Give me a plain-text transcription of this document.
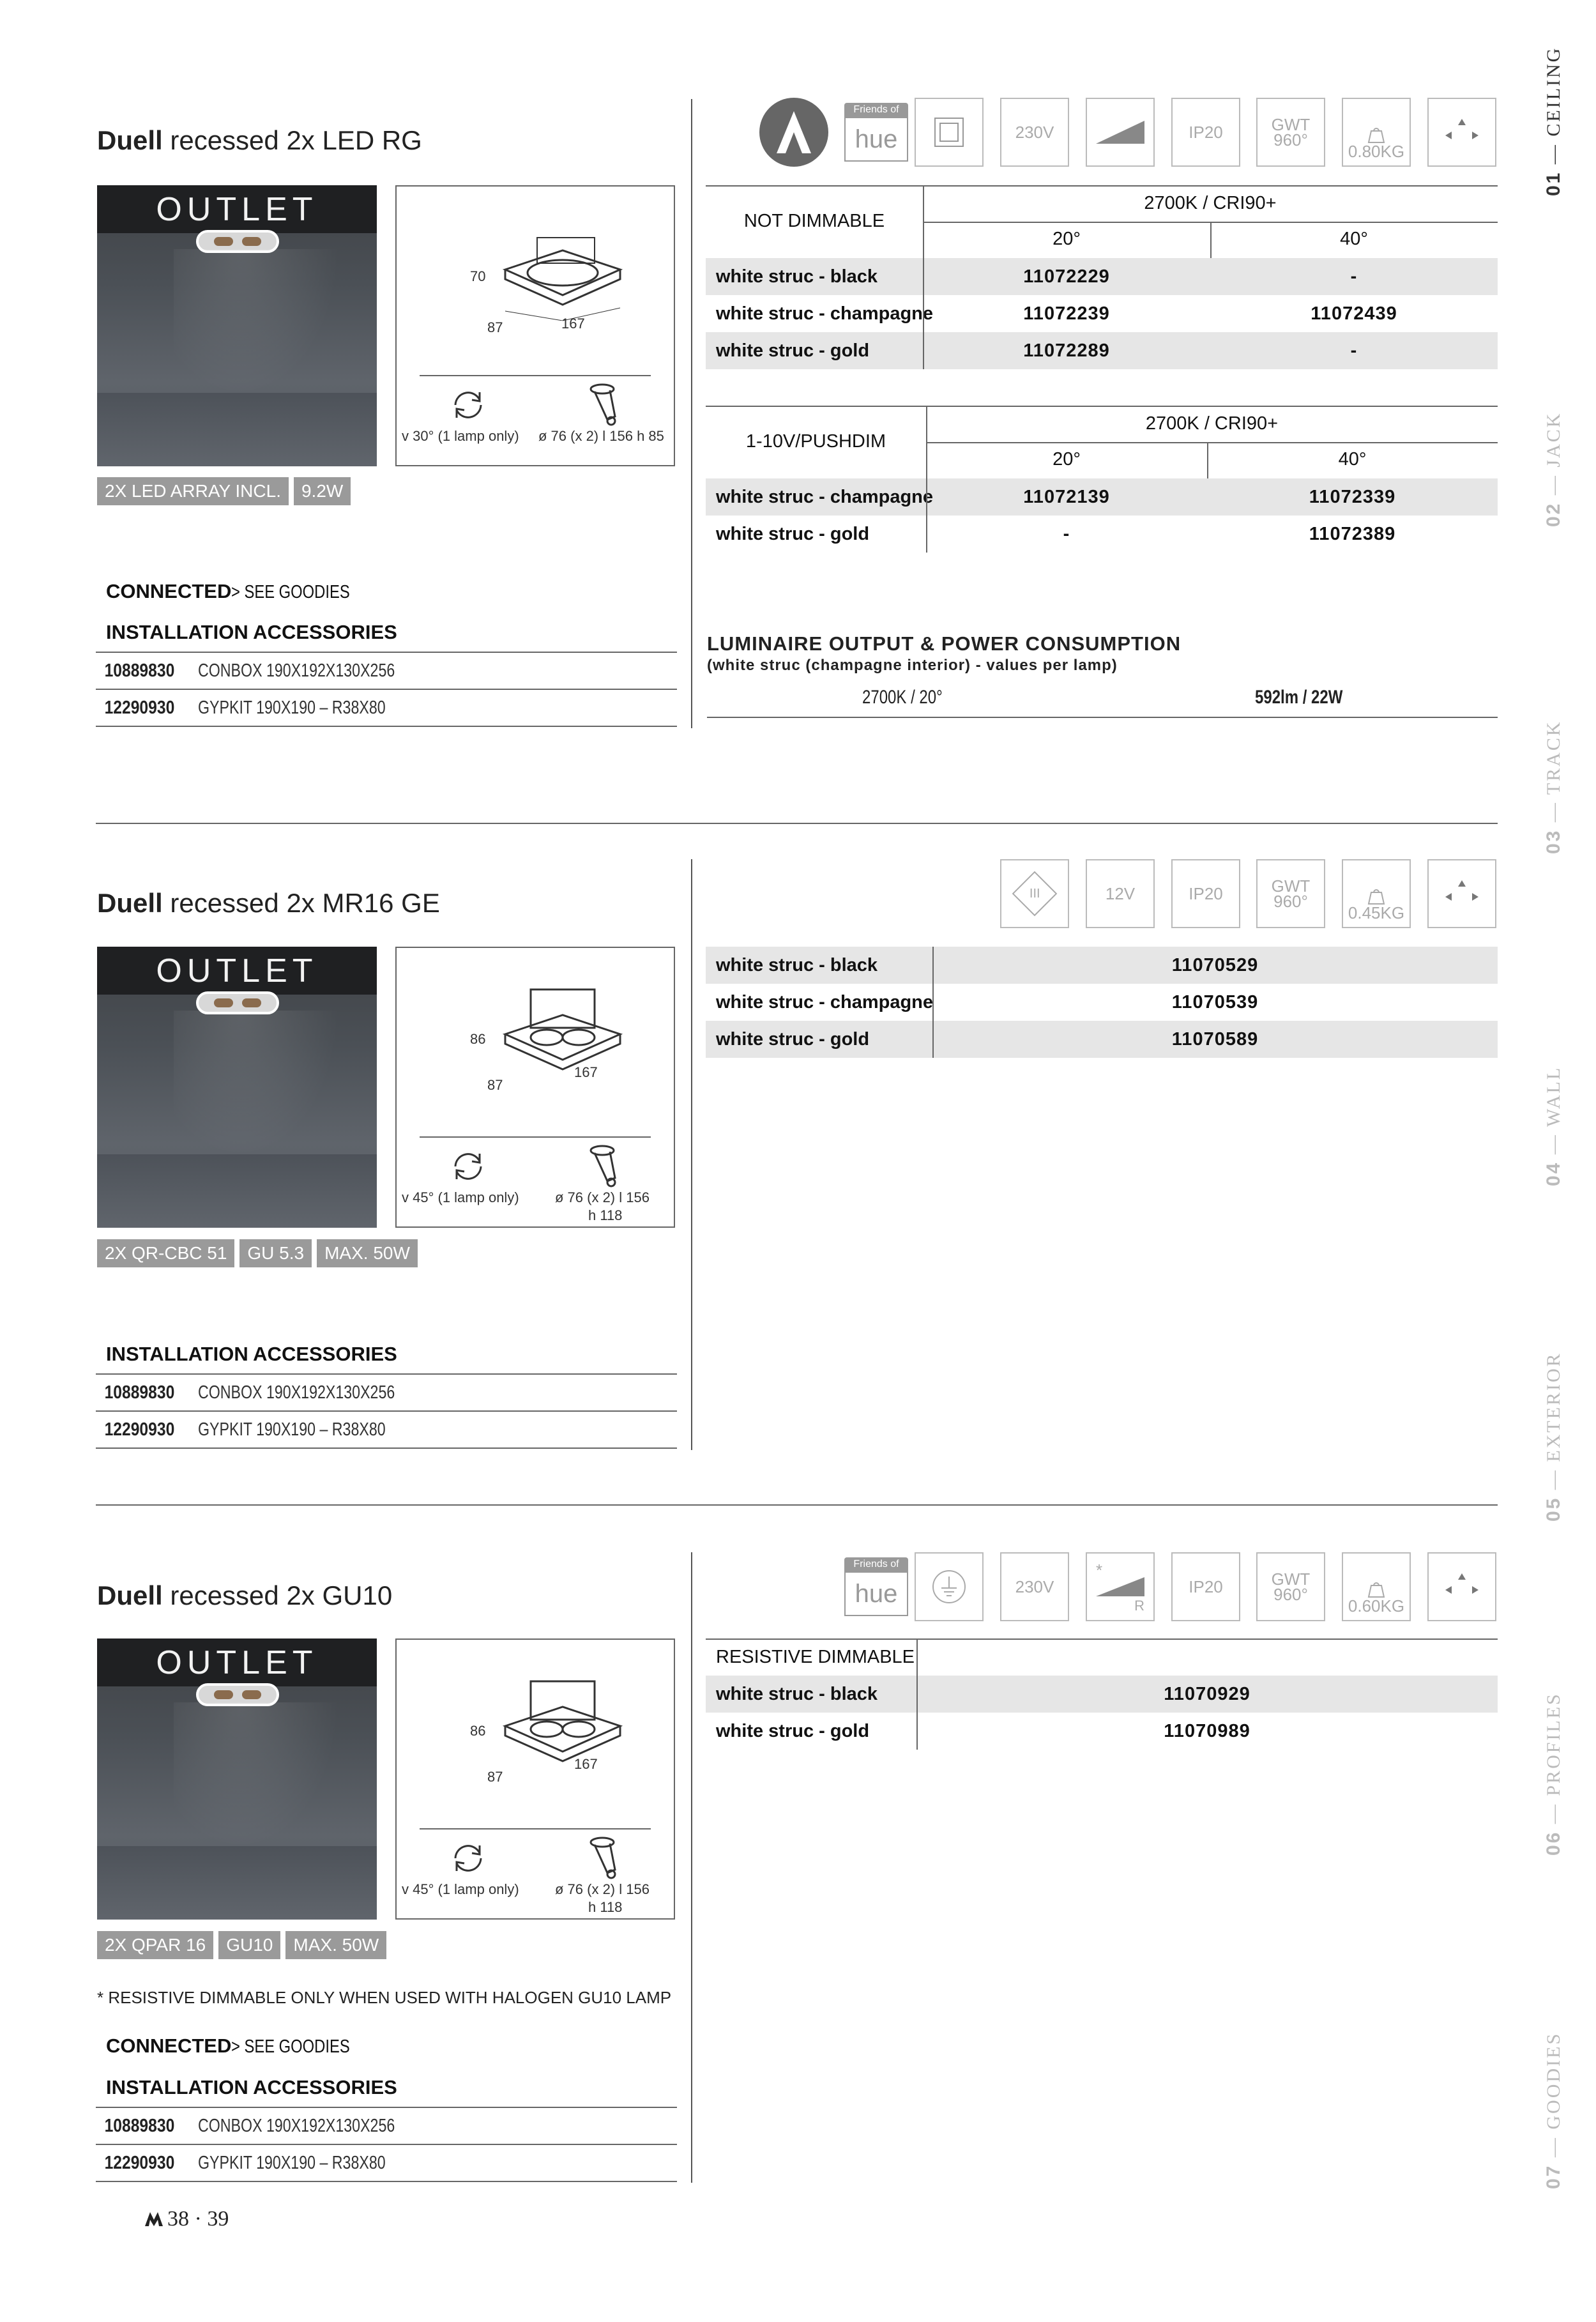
Duell recessed 2x LED RG
OUTLET
70
87	167
v 30° (1 lamp only) ø 76 (x 2) l 156 h 85
2X LED ARRAY INCL.	9.2W
CONNECTED> SEE GOODIES
INSTALLATION ACCESSORIES
10889830	CONBOX 190X192X130X256
12290930	GYPKIT 190X190 – R38X80
Friends of
hue	230V	IP20	GWT
960°
0.80KG
NOT DIMMABLE
2700K / CRI90+
20°	40°
white struc - black	11072229	-
white struc - champagne	11072239	11072439
white struc - gold	11072289	-
1-10V/PUSHDIM
2700K / CRI90+
20°	40°
white struc - champagne	11072139	11072339
white struc - gold	-	11072389
LUMINAIRE OUTPUT & POWER CONSUMPTION
(white struc (champagne interior) - values per lamp)
2700K / 20°	592lm / 22W
Duell recessed 2x MR16 GE
OUTLET
86
87
167
v 45° (1 lamp only)	ø 76 (x 2) l 156
h 118
2X QR-CBC 51	GU 5.3	MAX. 50W
INSTALLATION ACCESSORIES
10889830	CONBOX 190X192X130X256
12290930	GYPKIT 190X190 – R38X80
III	12V	IP20	GWT
960°
0.45KG
white struc - black	11070529
white struc - champagne	11070539
white struc - gold	11070589
Duell recessed 2x GU10
OUTLET
86
87
167
v 45° (1 lamp only)	ø 76 (x 2) l 156
h 118
2X QPAR 16	GU10	MAX. 50W
* RESISTIVE DIMMABLE ONLY WHEN USED WITH HALOGEN GU10 LAMP
CONNECTED> SEE GOODIES
INSTALLATION ACCESSORIES
10889830	CONBOX 190X192X130X256
12290930	GYPKIT 190X190 – R38X80
Friends of
hue	230V
*
R
IP20	GWT
960°
0.60KG
RESISTIVE DIMMABLE
white struc - black	11070929
white struc - gold	11070989
38 · 39
01 — CEILING
02 — JACK
03 — TRACK
04 — WALL
05 — EXTERIOR
06 — PROFILES
07 — GOODIES
